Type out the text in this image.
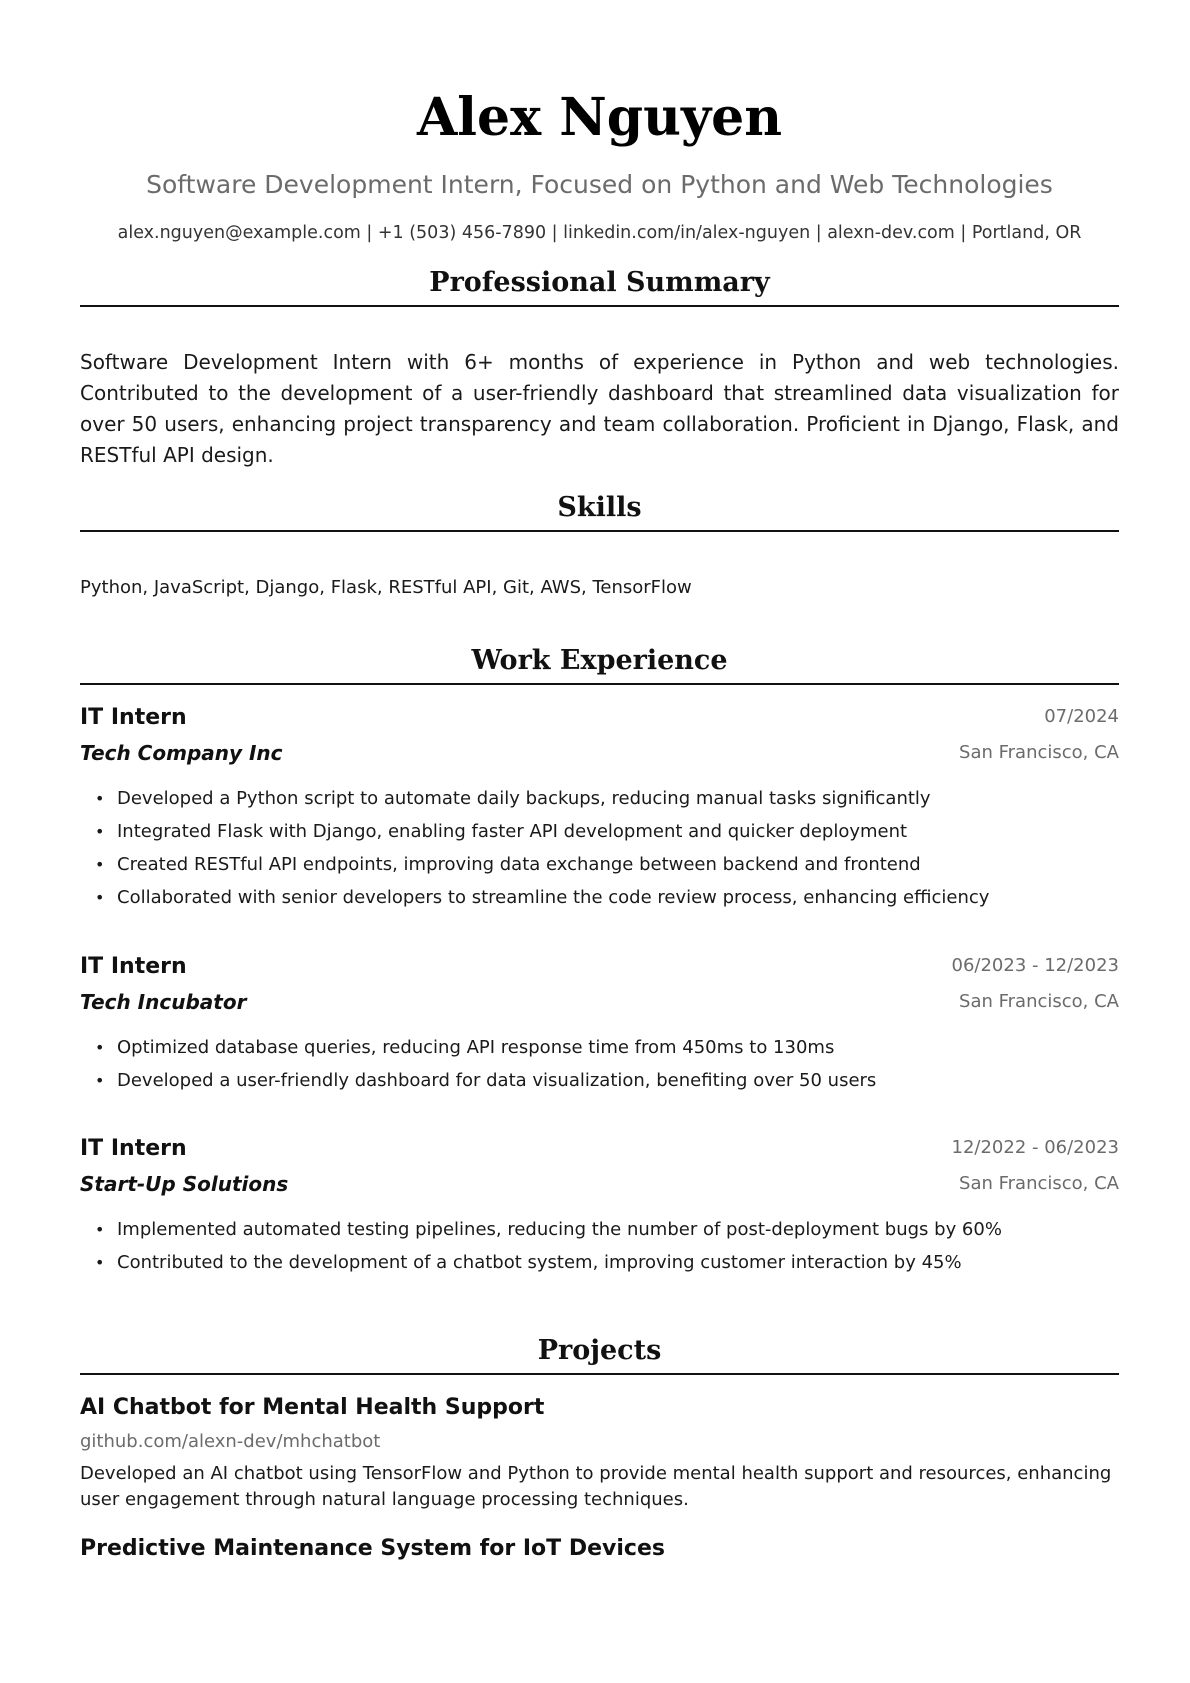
Alex Nguyen
Software Development Intern, Focused on Python and Web Technologies
alex.nguyen@example.com | +1 (503) 456-7890 | linkedin.com/in/alex-nguyen | alexn-dev.com | Portland, OR
Professional Summary
Software Development Intern with 6+ months of experience in Python and web technologies. Contributed to the development of a user-friendly dashboard that streamlined data visualization for over 50 users, enhancing project transparency and team collaboration. Proficient in Django, Flask, and RESTful API design.
Skills
Python, JavaScript, Django, Flask, RESTful API, Git, AWS, TensorFlow
Work Experience
IT Intern	07/2024
Tech Company Inc	San Francisco, CA
• Developed a Python script to automate daily backups, reducing manual tasks significantly
• Integrated Flask with Django, enabling faster API development and quicker deployment
• Created RESTful API endpoints, improving data exchange between backend and frontend
• Collaborated with senior developers to streamline the code review process, enhancing efficiency
IT Intern	06/2023 - 12/2023
Tech Incubator	San Francisco, CA
• Optimized database queries, reducing API response time from 450ms to 130ms
• Developed a user-friendly dashboard for data visualization, benefiting over 50 users
IT Intern	12/2022 - 06/2023
Start-Up Solutions	San Francisco, CA
• Implemented automated testing pipelines, reducing the number of post-deployment bugs by 60%
• Contributed to the development of a chatbot system, improving customer interaction by 45%
Projects
AI Chatbot for Mental Health Support
github.com/alexn-dev/mhchatbot
Developed an AI chatbot using TensorFlow and Python to provide mental health support and resources, enhancing user engagement through natural language processing techniques.
Predictive Maintenance System for IoT Devices
